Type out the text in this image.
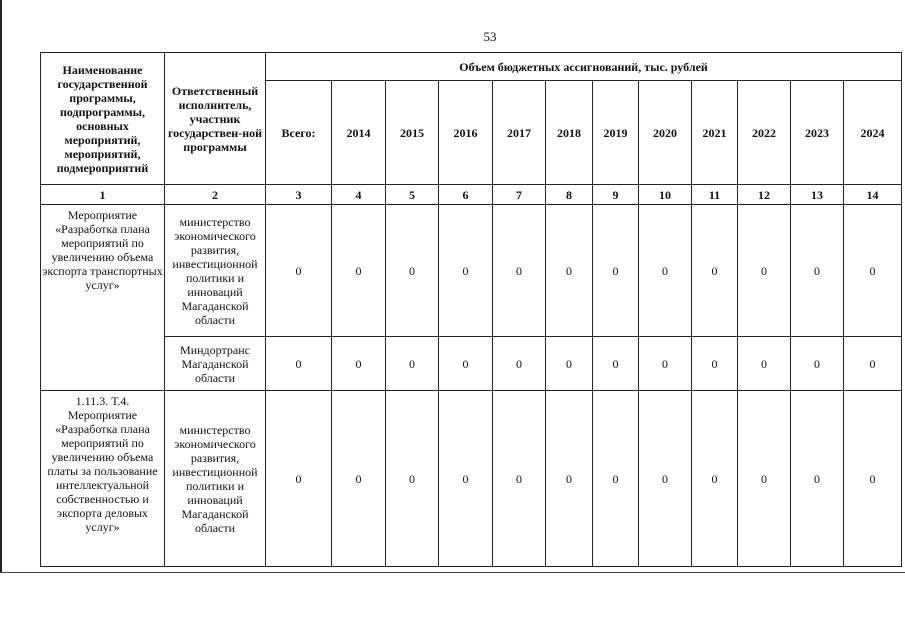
53
Наименование государственной программы, подпрограммы, основных мероприятий, мероприятий, подмероприятий	Ответственный исполнитель, участник государствен-ной программы	Объем бюджетных ассигнований, тыс. рублей											
		Всего:	2014	2015	2016	2017	2018	2019	2020	2021	2022	2023	2024
1	2	3	4	5	6	7	8	9	10	11	12	13	14
Мероприятие «Разработка плана мероприятий по увеличению объема экспорта транспортных услуг»	министерство экономического развития, инвестиционной политики и инноваций Магаданской области	0	0	0	0	0	0	0	0	0	0	0	0
	Миндортранс Магаданской области	0	0	0	0	0	0	0	0	0	0	0	0
1.11.3. Т.4. Мероприятие «Разработка плана мероприятий по увеличению объема платы за пользование интеллектуальной собственностью и экспорта деловых услуг»	министерство экономического развития, инвестиционной политики и инноваций Магаданской области	0	0	0	0	0	0	0	0	0	0	0	0
